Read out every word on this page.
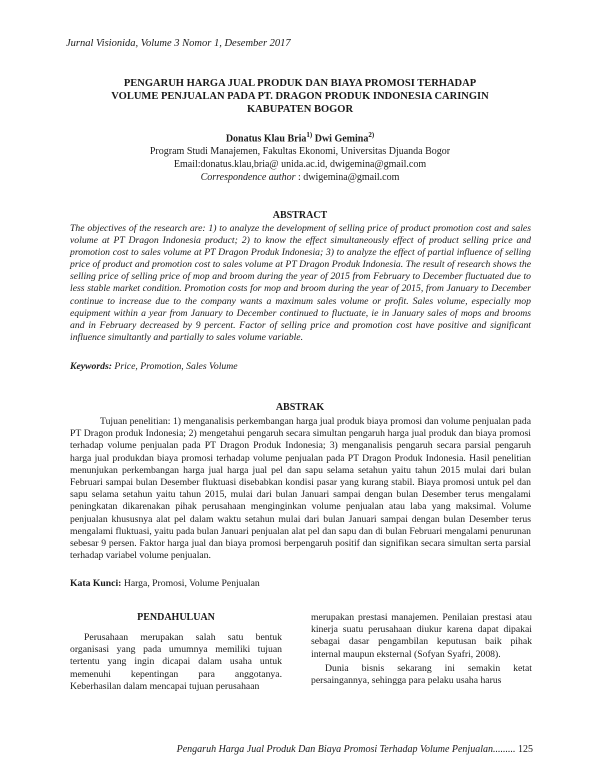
Jurnal Visionida, Volume 3 Nomor 1, Desember 2017
PENGARUH HARGA JUAL PRODUK DAN BIAYA PROMOSI TERHADAP
VOLUME PENJUALAN PADA PT. DRAGON PRODUK INDONESIA CARINGIN
KABUPATEN BOGOR
Donatus Klau Bria$^{1)}$ Dwi Gemina$^{2)}$
Program Studi Manajemen, Fakultas Ekonomi, Universitas Djuanda Bogor
Email:donatus.klau,bria@ unida.ac.id, dwigemina@gmail.com
Correspondence author : dwigemina@gmail.com
ABSTRACT
The objectives of the research are: 1) to analyze the development of selling price of product promotion cost and sales volume at PT Dragon Indonesia product; 2) to know the effect simultaneously effect of product selling price and promotion cost to sales volume at PT Dragon Produk Indonesia; 3) to analyze the effect of partial influence of selling price of product and promotion cost to sales volume at PT Dragon Produk Indonesia. The result of research shows the selling price of selling price of mop and broom during the year of 2015 from February to December fluctuated due to less stable market condition. Promotion costs for mop and broom during the year of 2015, from January to December continue to increase due to the company wants a maximum sales volume or profit. Sales volume, especially mop equipment within a year from January to December continued to fluctuate, ie in January sales of mops and brooms and in February decreased by 9 percent. Factor of selling price and promotion cost have positive and significant influence simultantly and partially to sales volume variable.
Keywords: Price, Promotion, Sales Volume
ABSTRAK
Tujuan penelitian: 1) menganalisis perkembangan harga jual produk biaya promosi dan volume penjualan pada PT Dragon produk Indonesia; 2) mengetahui pengaruh secara simultan pengaruh harga jual produk dan biaya promosi terhadap volume penjualan pada PT Dragon Produk Indonesia; 3) menganalisis pengaruh secara parsial pengaruh harga jual produkdan biaya promosi terhadap volume penjualan pada PT Dragon Produk Indonesia. Hasil penelitian menunjukan perkembangan harga jual harga jual pel dan sapu selama setahun yaitu tahun 2015 mulai dari bulan Februari sampai bulan Desember fluktuasi disebabkan kondisi pasar yang kurang stabil. Biaya promosi untuk pel dan sapu selama setahun yaitu tahun 2015, mulai dari bulan Januari sampai dengan bulan Desember terus mengalami peningkatan dikarenakan pihak perusahaan menginginkan volume penjualan atau laba yang maksimal. Volume penjualan khususnya alat pel dalam waktu setahun mulai dari bulan Januari sampai dengan bulan Desember terus mengalami fluktuasi, yaitu pada bulan Januari penjualan alat pel dan sapu dan di bulan Februari mengalami penurunan sebesar 9 persen. Faktor harga jual dan biaya promosi berpengaruh positif dan signifikan secara simultan serta parsial terhadap variabel volume penjualan.
Kata Kunci: Harga, Promosi, Volume Penjualan
PENDAHULUAN

Perusahaan merupakan salah satu bentuk organisasi yang pada umumnya memiliki tujuan tertentu yang ingin dicapai dalam usaha untuk memenuhi kepentingan para anggotanya. Keberhasilan dalam mencapai tujuan perusahaan

merupakan prestasi manajemen. Penilaian prestasi atau kinerja suatu perusahaan diukur karena dapat dipakai sebagai dasar pengambilan keputusan baik pihak internal maupun eksternal (Sofyan Syafri, 2008).

Dunia bisnis sekarang ini semakin ketat persaingannya, sehingga para pelaku usaha harus

Pengaruh Harga Jual Produk Dan Biaya Promosi Terhadap Volume Penjualan......... 125
